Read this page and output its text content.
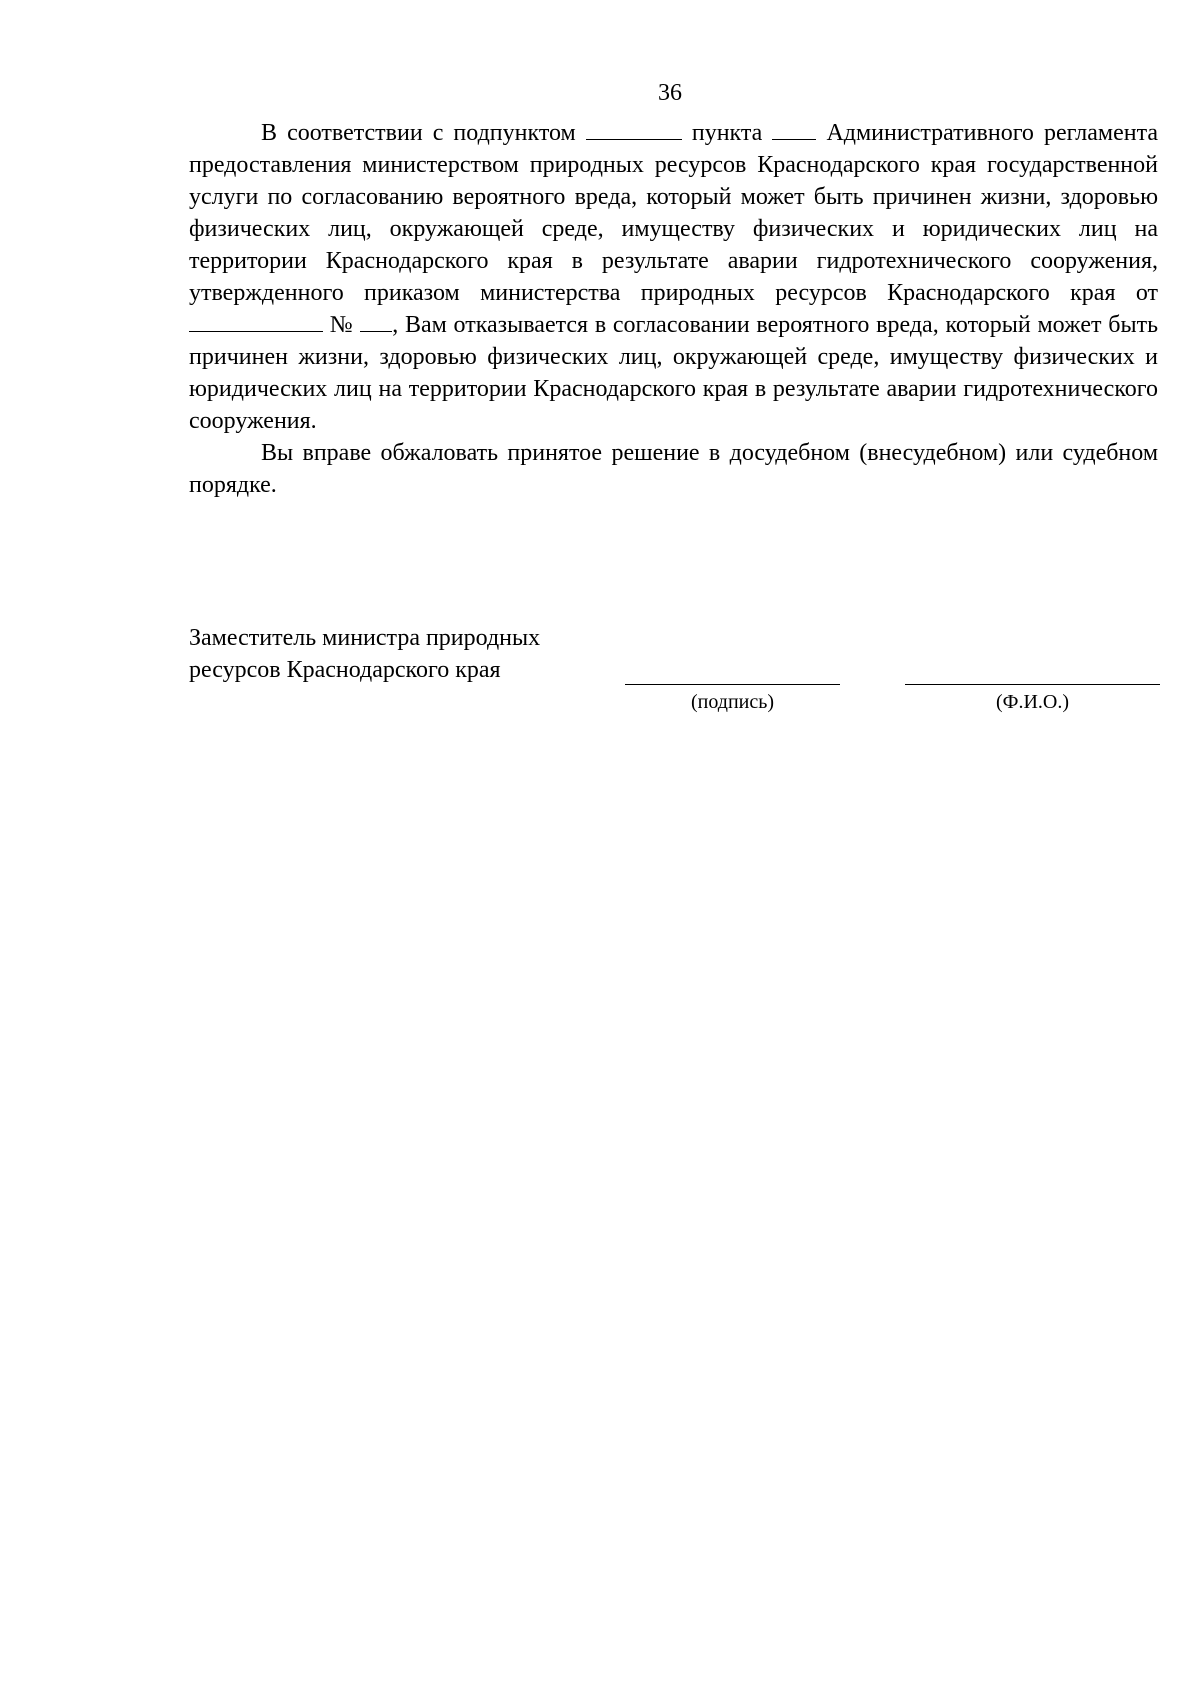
36

В соответствии с подпунктом	пункта	Административного регламента предоставления министерством природных ресурсов Краснодарского края государственной услуги по согласованию вероятного вреда, который может быть причинен жизни, здоровью физических лиц, окружающей среде, имуществу физических и юридических лиц на территории Краснодарского края в результате аварии гидротехнического сооружения, утвержденного приказом министерства природных ресурсов Краснодарского края от  № , Вам отказывается в согласовании вероятного вреда, который может быть причинен жизни, здоровью физических лиц, окружающей среде, имуществу физических и юридических лиц на территории Краснодарского края в результате аварии гидротехнического сооружения.

Вы вправе обжаловать принятое решение в досудебном (внесудебном) или судебном порядке.

Заместитель министра природных
ресурсов Краснодарского края
(подпись)	(Ф.И.О.)
